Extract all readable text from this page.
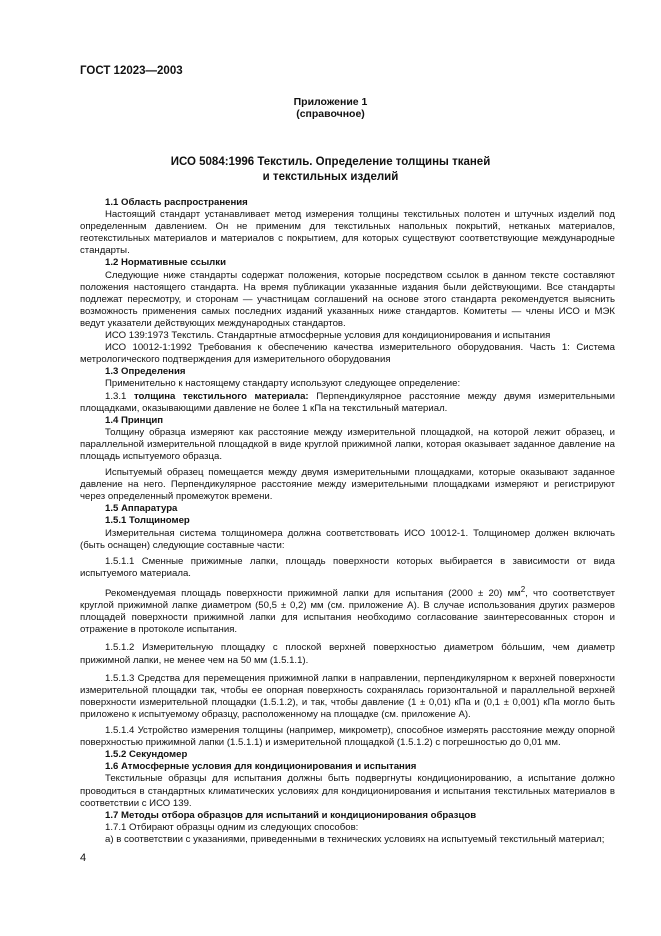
ГОСТ 12023—2003
Приложение 1
(справочное)
ИСО 5084:1996 Текстиль. Определение толщины тканей
и текстильных изделий

1.1 Область распространения

Настоящий стандарт устанавливает метод измерения толщины текстильных полотен и штучных изделий под определенным давлением. Он не применим для текстильных напольных покрытий, нетканых материалов, геотекстильных материалов и материалов с покрытием, для которых существуют соответствующие международные стандарты.

1.2 Нормативные ссылки

Следующие ниже стандарты содержат положения, которые посредством ссылок в данном тексте составляют положения настоящего стандарта. На время публикации указанные издания были действующими. Все стандарты подлежат пересмотру, и сторонам — участницам соглашений на основе этого стандарта рекомендуется выяснить возможность применения самых последних изданий указанных ниже стандартов. Комитеты — члены ИСО и МЭК ведут указатели действующих международных стандартов.

ИСО 139:1973 Текстиль. Стандартные атмосферные условия для кондиционирования и испытания

ИСО 10012-1:1992 Требования к обеспечению качества измерительного оборудования. Часть 1: Система метрологического подтверждения для измерительного оборудования

1.3 Определения

Применительно к настоящему стандарту используют следующее определение:

1.3.1 толщина текстильного материала: Перпендикулярное расстояние между двумя измерительными площадками, оказывающими давление не более 1 кПа на текстильный материал.

1.4 Принцип

Толщину образца измеряют как расстояние между измерительной площадкой, на которой лежит образец, и параллельной измерительной площадкой в виде круглой прижимной лапки, которая оказывает заданное давление на площадь испытуемого образца.

Испытуемый образец помещается между двумя измерительными площадками, которые оказывают заданное давление на него. Перпендикулярное расстояние между измерительными площадками измеряют и регистрируют через определенный промежуток времени.

1.5 Аппаратура

1.5.1 Толщиномер

Измерительная система толщиномера должна соответствовать ИСО 10012-1. Толщиномер должен включать (быть оснащен) следующие составные части:

1.5.1.1 Сменные прижимные лапки, площадь поверхности которых выбирается в зависимости от вида испытуемого материала.

Рекомендуемая площадь поверхности прижимной лапки для испытания (2000 ± 20) $мм^2$, что соответствует круглой прижимной лапке диаметром (50,5 ± 0,2) мм (см. приложение А). В случае использования других размеров площадей поверхности прижимной лапки для испытания необходимо согласование заинтересованных сторон и отражение в протоколе испытания.

1.5.1.2 Измерительную площадку с плоской верхней поверхностью диаметром бо́льшим, чем диаметр прижимной лапки, не менее чем на 50 мм (1.5.1.1).

1.5.1.3 Средства для перемещения прижимной лапки в направлении, перпендикулярном к верхней поверхности измерительной площадки так, чтобы ее опорная поверхность сохранялась горизонтальной и параллельной верхней поверхности измерительной площадки (1.5.1.2), и так, чтобы давление (1 ± 0,01) кПа и (0,1 ± 0,001) кПа могло быть приложено к испытуемому образцу, расположенному на площадке (см. приложение А).

1.5.1.4 Устройство измерения толщины (например, микрометр), способное измерять расстояние между опорной поверхностью прижимной лапки (1.5.1.1) и измерительной площадкой (1.5.1.2) с погрешностью до 0,01 мм.

1.5.2 Секундомер

1.6 Атмосферные условия для кондиционирования и испытания

Текстильные образцы для испытания должны быть подвергнуты кондиционированию, а испытание должно проводиться в стандартных климатических условиях для кондиционирования и испытания текстильных материалов в соответствии с ИСО 139.

1.7 Методы отбора образцов для испытаний и кондиционирования образцов

1.7.1 Отбирают образцы одним из следующих способов:

а) в соответствии с указаниями, приведенными в технических условиях на испытуемый текстильный материал;

4
